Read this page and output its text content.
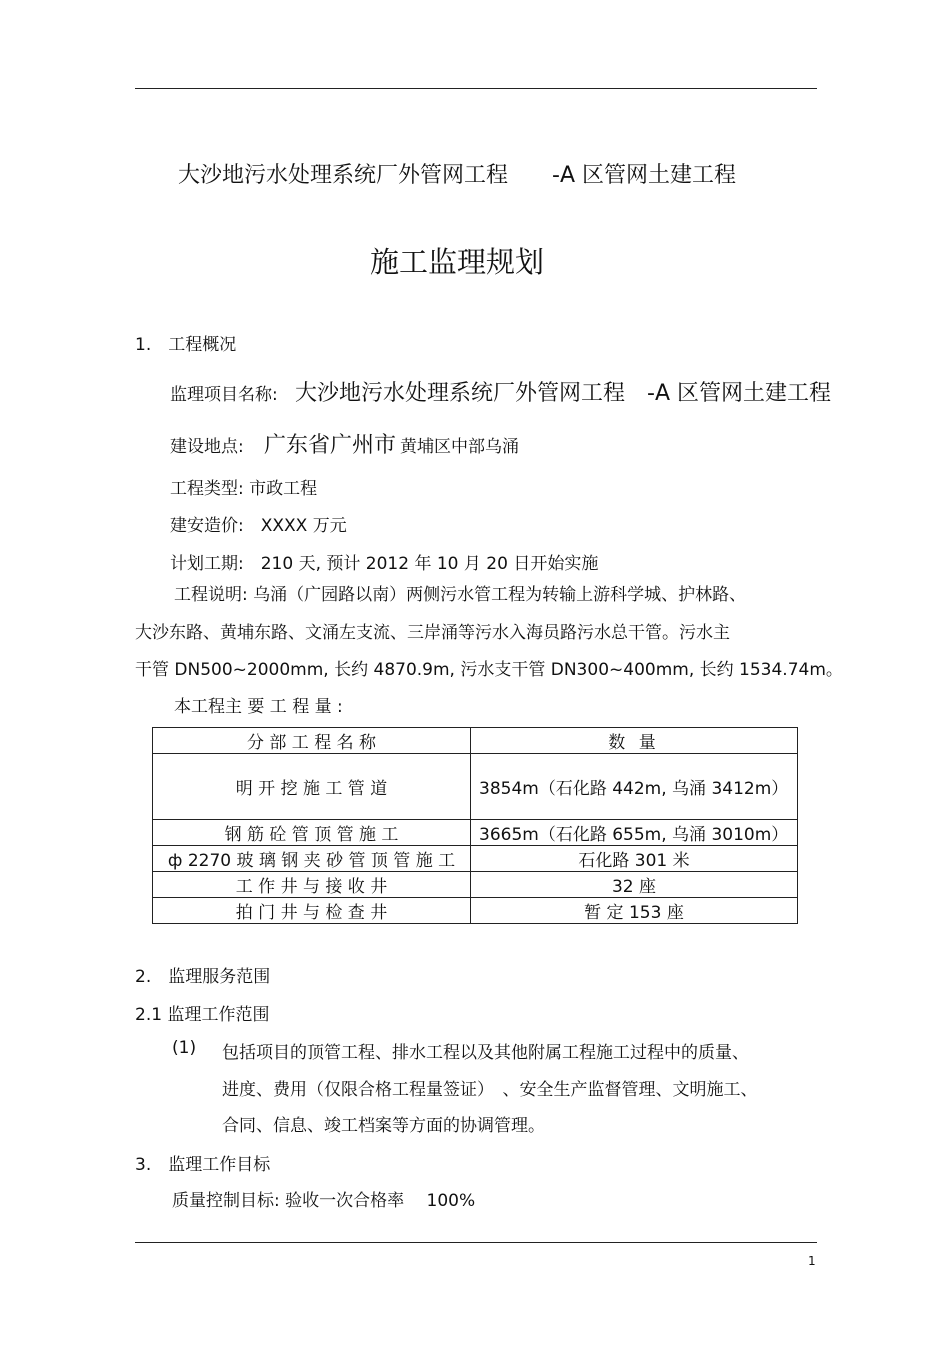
大沙地污水处理系统厂外管网工程　　-A 区管网土建工程
施工监理规划
1.　工程概况
监理项目名称: 大沙地污水处理系统厂外管网工程　-A 区管网土建工程
建设地点: 广东省广州市 黄埔区中部乌涌
工程类型: 市政工程
建安造价:　XXXX 万元
计划工期:　210 天, 预计 2012 年 10 月 20 日开始实施
工程说明: 乌涌（广园路以南）两侧污水管工程为转输上游科学城、护林路、
大沙东路、黄埔东路、文涌左支流、三岸涌等污水入海员路污水总干管。污水主
干管 DN500~2000mm, 长约 4870.9m, 污水支干管 DN300~400mm, 长约 1534.74m。
本工程主 要 工 程 量 :
分 部 工 程 名 称	数 量
明 开 挖 施 工 管 道	3854m（石化路 442m, 乌涌 3412m）
钢 筋 砼 管 顶 管 施 工	3665m（石化路 655m, 乌涌 3010m）
ф 2270 玻 璃 钢 夹 砂 管 顶 管 施 工	石化路 301 米
工 作 井 与 接 收 井	32 座
拍 门 井 与 检 查 井	暂 定 153 座
2.　监理服务范围
2.1 监理工作范围
(1) 包括项目的顶管工程、排水工程以及其他附属工程施工过程中的质量、
进度、费用（仅限合格工程量签证）　、安全生产监督管理、文明施工、
合同、信息、竣工档案等方面的协调管理。
3.　监理工作目标
质量控制目标: 验收一次合格率　 100%
1
